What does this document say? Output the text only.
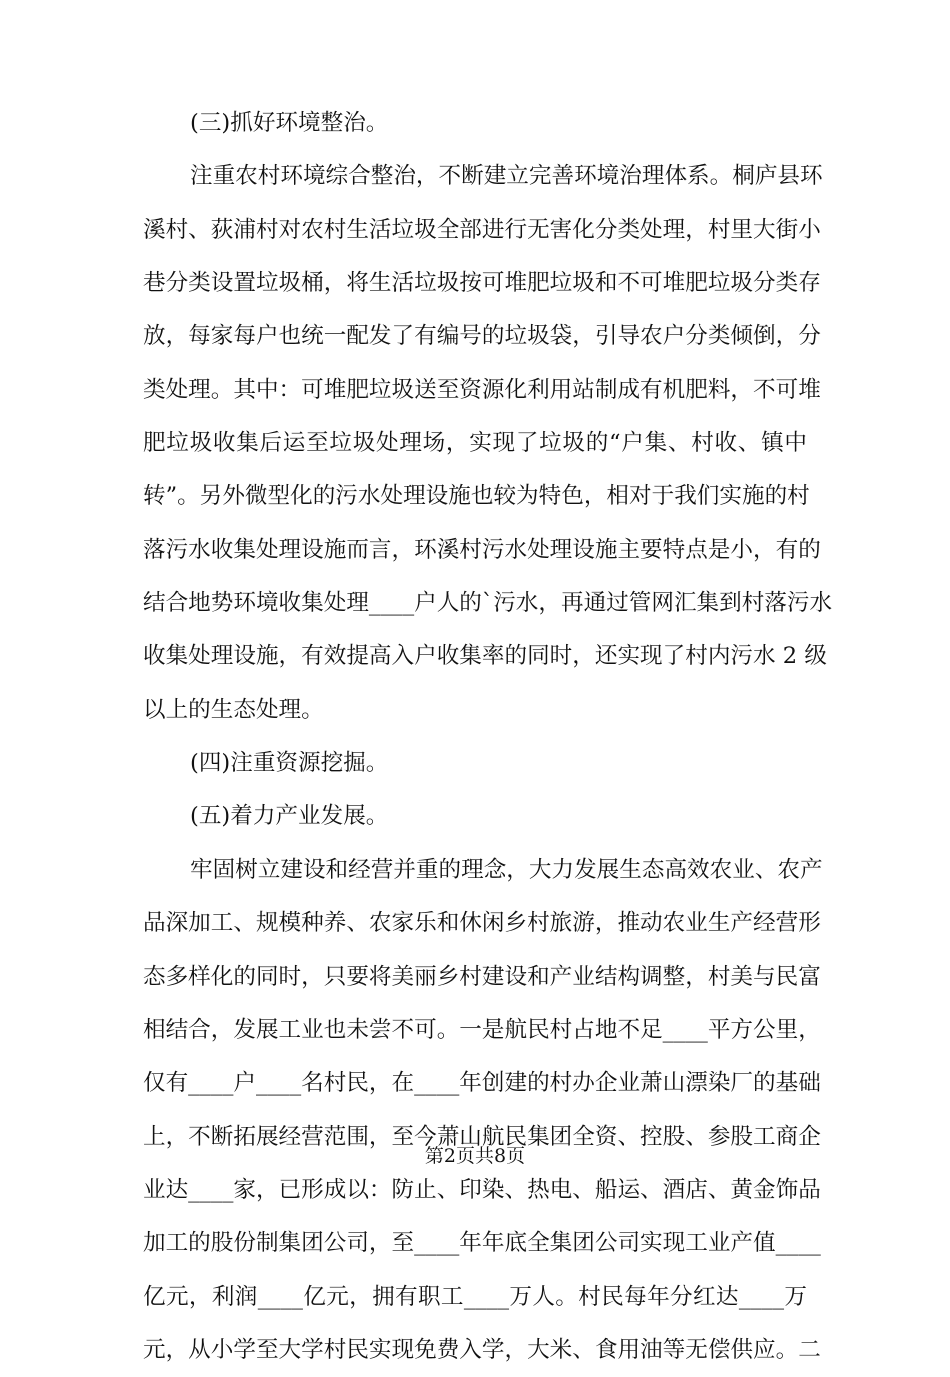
(三)抓好环境整治。
注重农村环境综合整治，不断建立完善环境治理体系。桐庐县环
溪村、荻浦村对农村生活垃圾全部进行无害化分类处理，村里大街小
巷分类设置垃圾桶，将生活垃圾按可堆肥垃圾和不可堆肥垃圾分类存
放，每家每户也统一配发了有编号的垃圾袋，引导农户分类倾倒，分
类处理。其中：可堆肥垃圾送至资源化利用站制成有机肥料，不可堆
肥垃圾收集后运至垃圾处理场，实现了垃圾的“户集、村收、镇中
转”。另外微型化的污水处理设施也较为特色，相对于我们实施的村
落污水收集处理设施而言，环溪村污水处理设施主要特点是小，有的
结合地势环境收集处理____户人的`污水，再通过管网汇集到村落污水
收集处理设施，有效提高入户收集率的同时，还实现了村内污水 2 级
以上的生态处理。
(四)注重资源挖掘。
(五)着力产业发展。
牢固树立建设和经营并重的理念，大力发展生态高效农业、农产
品深加工、规模种养、农家乐和休闲乡村旅游，推动农业生产经营形
态多样化的同时，只要将美丽乡村建设和产业结构调整，村美与民富
相结合，发展工业也未尝不可。一是航民村占地不足____平方公里，
仅有____户____名村民，在____年创建的村办企业萧山漂染厂的基础
上，不断拓展经营范围，至今萧山航民集团全资、控股、参股工商企
业达____家，已形成以：防止、印染、热电、船运、酒店、黄金饰品
加工的股份制集团公司，至____年年底全集团公司实现工业产值____
亿元，利润____亿元，拥有职工____万人。村民每年分红达____万
元，从小学至大学村民实现免费入学，大米、食用油等无偿供应。二
第2页共8页
